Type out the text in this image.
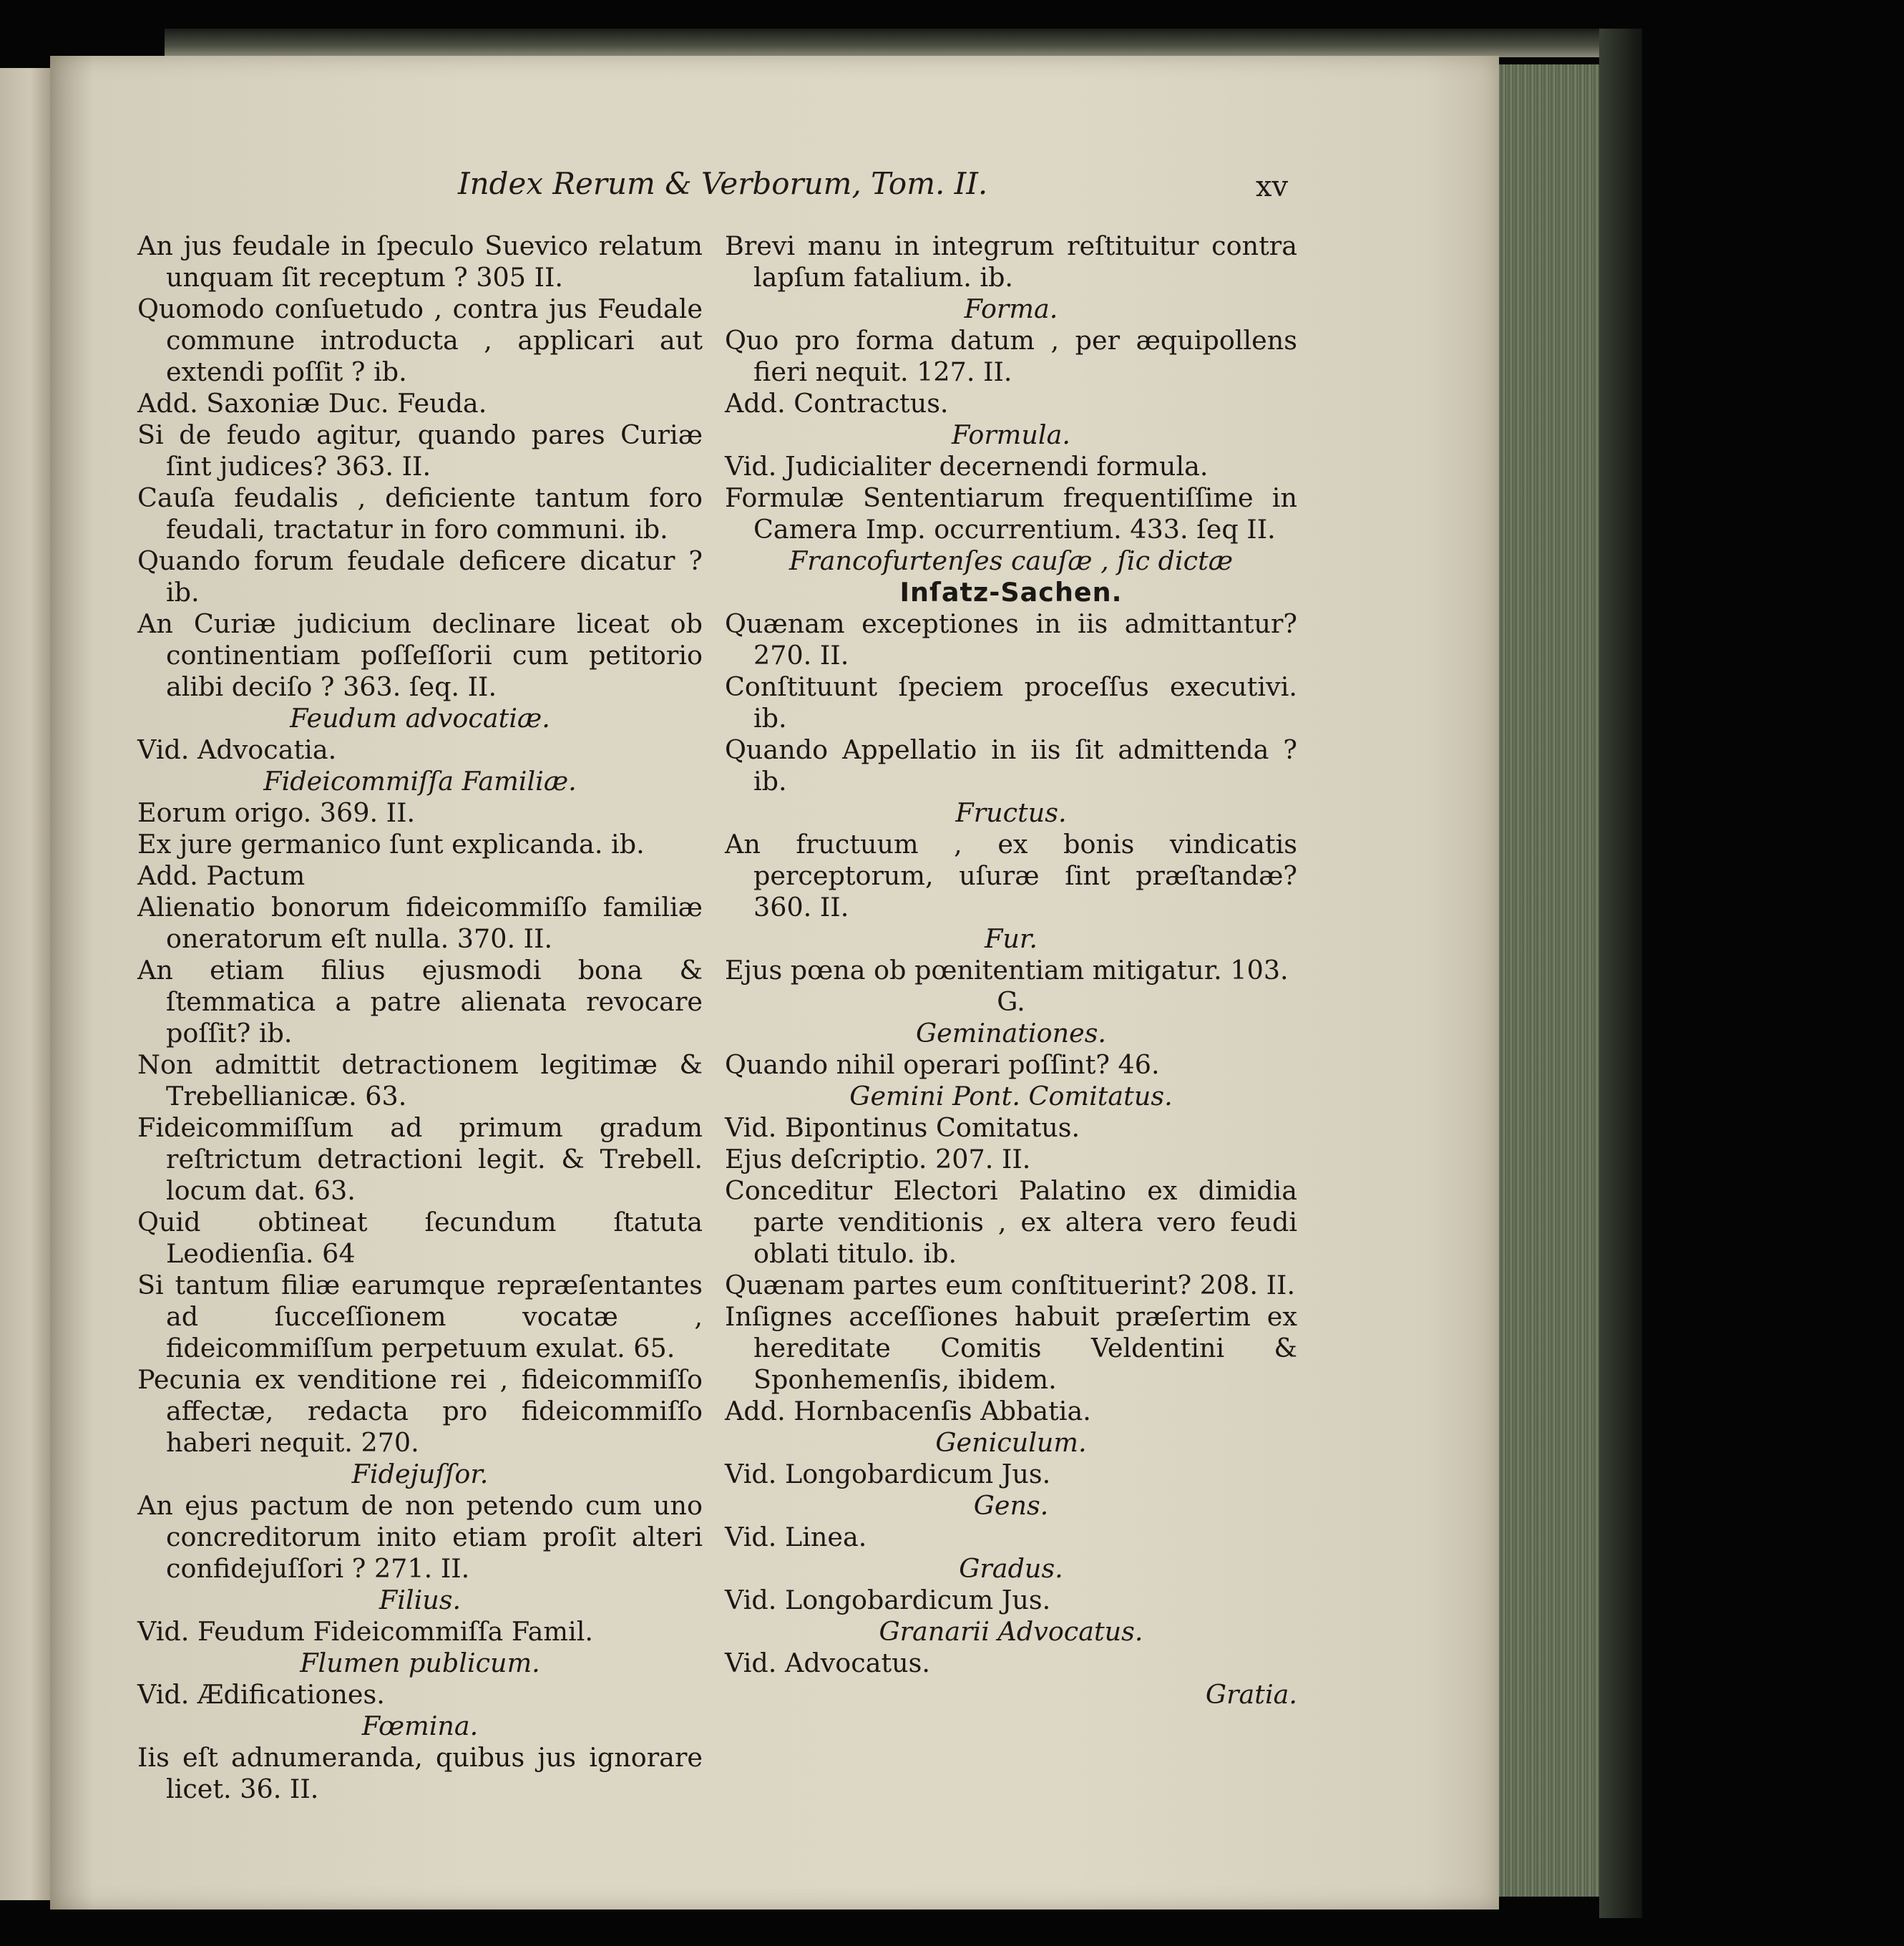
Index Rerum & Verborum, Tom. II.	xv

An jus feudale in ſpeculo Suevico relatum unquam ſit receptum ? 305 II.

Quomodo conſuetudo , contra jus Feudale commune introducta , applicari aut extendi poſſit ? ib.

Add. Saxoniæ Duc. Feuda.

Si de feudo agitur, quando pares Curiæ ſint judices? 363. II.

Cauſa feudalis , deficiente tantum foro feudali, tractatur in foro communi. ib.

Quando forum feudale deficere dicatur ? ib.

An Curiæ judicium declinare liceat ob continentiam poſſeſſorii cum petitorio alibi deciſo ? 363. ſeq. II.

Feudum advocatiæ.

Vid. Advocatia.

Fideicommiſſa Familiæ.

Eorum origo. 369. II.

Ex jure germanico ſunt explicanda. ib.

Add. Pactum

Alienatio bonorum fideicommiſſo familiæ oneratorum eſt nulla. 370. II.

An etiam filius ejusmodi bona & ſtemmatica a patre alienata revocare poſſit? ib.

Non admittit detractionem legitimæ & Trebellianicæ. 63.

Fideicommiſſum ad primum gradum reſtrictum detractioni legit. & Trebell. locum dat. 63.

Quid obtineat ſecundum ſtatuta Leodienſia. 64

Si tantum filiæ earumque repræſentantes ad ſucceſſionem vocatæ , fideicommiſſum perpetuum exulat. 65.

Pecunia ex venditione rei , fideicommiſſo affectæ, redacta pro fideicommiſſo haberi nequit. 270.

Fidejuſſor.

An ejus pactum de non petendo cum uno concreditorum inito etiam proſit alteri confidejuſſori ? 271. II.

Filius.

Vid. Feudum Fideicommiſſa Famil.

Flumen publicum.

Vid. Ædificationes.

Fœmina.

Iis eſt adnumeranda, quibus jus ignorare licet. 36. II.

Brevi manu in integrum reſtituitur contra lapſum fatalium. ib.

Forma.

Quo pro forma datum , per æquipollens fieri nequit. 127. II.

Add. Contractus.

Formula.

Vid. Judicialiter decernendi formula.

Formulæ Sententiarum frequentiſſime in Camera Imp. occurrentium. 433. ſeq II.

Francofurtenſes cauſæ , ſic dictæ

Inſatz-Sachen.

Quænam exceptiones in iis admittantur? 270. II.

Conſtituunt ſpeciem proceſſus executivi. ib.

Quando Appellatio in iis ſit admittenda ? ib.

Fructus.

An fructuum , ex bonis vindicatis perceptorum, uſuræ ſint præſtandæ? 360. II.

Fur.

Ejus pœna ob pœnitentiam mitigatur. 103.

G.

Geminationes.

Quando nihil operari poſſint? 46.

Gemini Pont. Comitatus.

Vid. Bipontinus Comitatus.

Ejus deſcriptio. 207. II.

Conceditur Electori Palatino ex dimidia parte venditionis , ex altera vero feudi oblati titulo. ib.

Quænam partes eum conſtituerint? 208. II.

Inſignes acceſſiones habuit præſertim ex hereditate Comitis Veldentini & Sponhemenſis, ibidem.

Add. Hornbacenſis Abbatia.

Geniculum.

Vid. Longobardicum Jus.

Gens.

Vid. Linea.

Gradus.

Vid. Longobardicum Jus.

Granarii Advocatus.

Vid. Advocatus.

Gratia.
